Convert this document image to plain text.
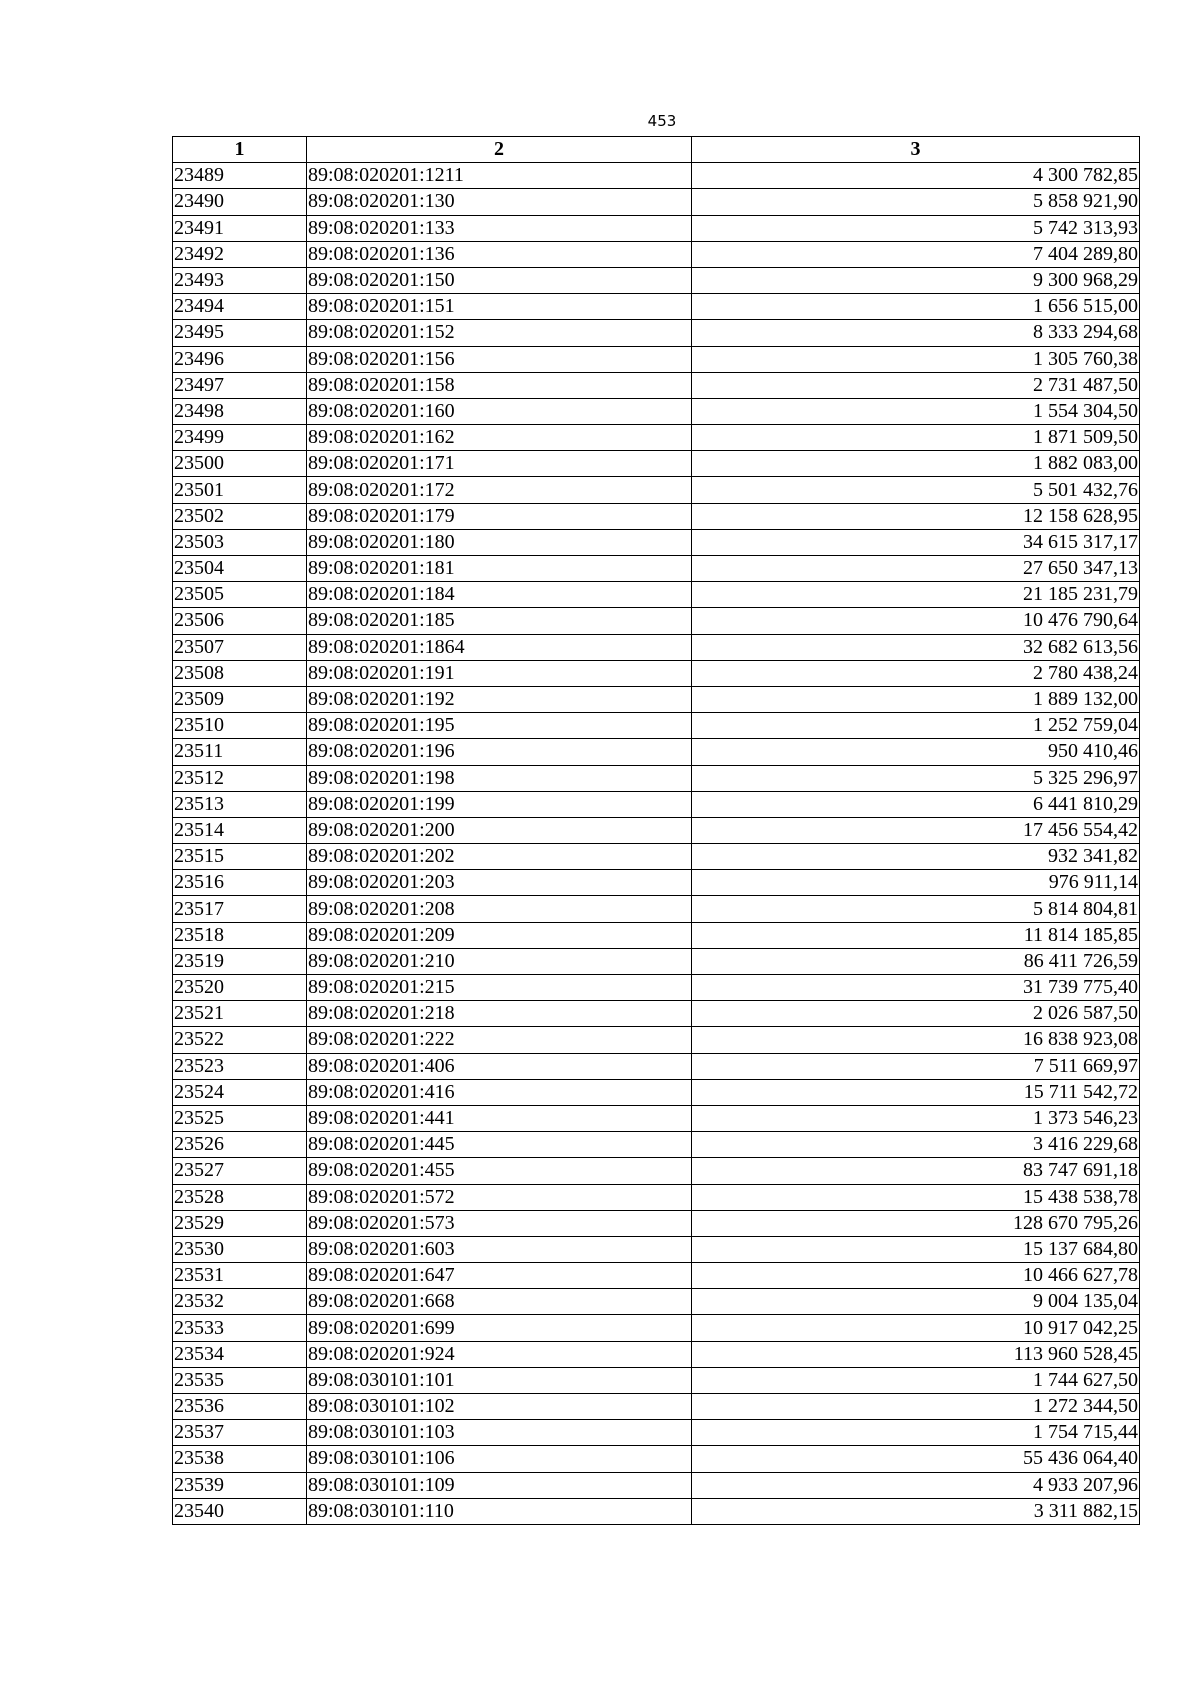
453
1	2	3
23489	89:08:020201:1211	4 300 782,85
23490	89:08:020201:130	5 858 921,90
23491	89:08:020201:133	5 742 313,93
23492	89:08:020201:136	7 404 289,80
23493	89:08:020201:150	9 300 968,29
23494	89:08:020201:151	1 656 515,00
23495	89:08:020201:152	8 333 294,68
23496	89:08:020201:156	1 305 760,38
23497	89:08:020201:158	2 731 487,50
23498	89:08:020201:160	1 554 304,50
23499	89:08:020201:162	1 871 509,50
23500	89:08:020201:171	1 882 083,00
23501	89:08:020201:172	5 501 432,76
23502	89:08:020201:179	12 158 628,95
23503	89:08:020201:180	34 615 317,17
23504	89:08:020201:181	27 650 347,13
23505	89:08:020201:184	21 185 231,79
23506	89:08:020201:185	10 476 790,64
23507	89:08:020201:1864	32 682 613,56
23508	89:08:020201:191	2 780 438,24
23509	89:08:020201:192	1 889 132,00
23510	89:08:020201:195	1 252 759,04
23511	89:08:020201:196	950 410,46
23512	89:08:020201:198	5 325 296,97
23513	89:08:020201:199	6 441 810,29
23514	89:08:020201:200	17 456 554,42
23515	89:08:020201:202	932 341,82
23516	89:08:020201:203	976 911,14
23517	89:08:020201:208	5 814 804,81
23518	89:08:020201:209	11 814 185,85
23519	89:08:020201:210	86 411 726,59
23520	89:08:020201:215	31 739 775,40
23521	89:08:020201:218	2 026 587,50
23522	89:08:020201:222	16 838 923,08
23523	89:08:020201:406	7 511 669,97
23524	89:08:020201:416	15 711 542,72
23525	89:08:020201:441	1 373 546,23
23526	89:08:020201:445	3 416 229,68
23527	89:08:020201:455	83 747 691,18
23528	89:08:020201:572	15 438 538,78
23529	89:08:020201:573	128 670 795,26
23530	89:08:020201:603	15 137 684,80
23531	89:08:020201:647	10 466 627,78
23532	89:08:020201:668	9 004 135,04
23533	89:08:020201:699	10 917 042,25
23534	89:08:020201:924	113 960 528,45
23535	89:08:030101:101	1 744 627,50
23536	89:08:030101:102	1 272 344,50
23537	89:08:030101:103	1 754 715,44
23538	89:08:030101:106	55 436 064,40
23539	89:08:030101:109	4 933 207,96
23540	89:08:030101:110	3 311 882,15
